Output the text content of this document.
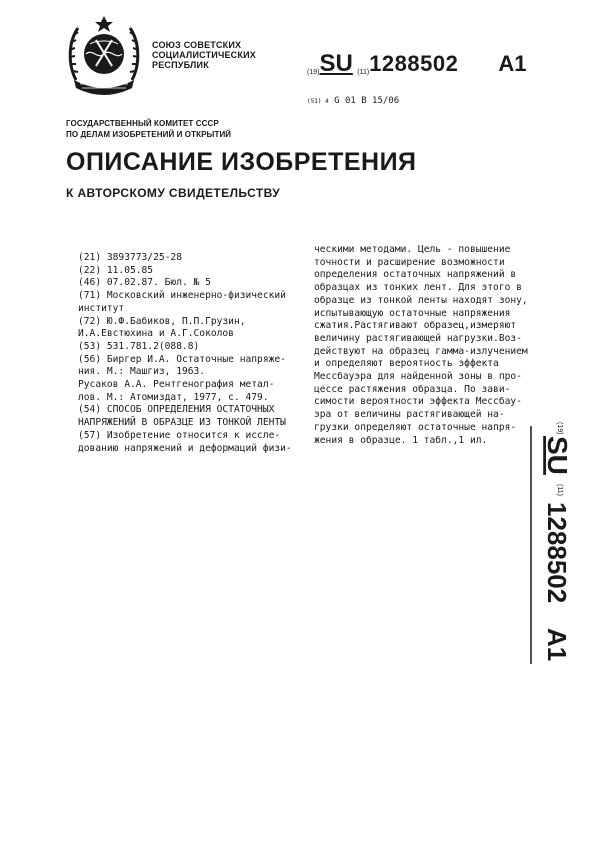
СОЮЗ СОВЕТСКИХ
СОЦИАЛИСТИЧЕСКИХ
РЕСПУБЛИК
(19)SU (11)1288502 A1
(51) 4 G 01 B 15/06
ГОСУДАРСТВЕННЫЙ КОМИТЕТ СССР
ПО ДЕЛАМ ИЗОБРЕТЕНИЙ И ОТКРЫТИЙ
ОПИСАНИЕ ИЗОБРЕТЕНИЯ
К АВТОРСКОМУ СВИДЕТЕЛЬСТВУ
(21) 3893773/25-28
(22) 11.05.85
(46) 07.02.87. Бюл. № 5
(71) Московский инженерно-физический
институт
(72) Ю.Ф.Бабиков, П.П.Грузин,
И.А.Евстюхина и А.Г.Соколов
(53) 531.781.2(088.8)
(56) Биргер И.А. Остаточные напряже-
ния. М.: Машгиз, 1963.
Русаков А.А. Рентгенография метал-
лов. М.: Атомиздат, 1977, с. 479.
(54) СПОСОБ ОПРЕДЕЛЕНИЯ ОСТАТОЧНЫХ
НАПРЯЖЕНИЙ В ОБРАЗЦЕ ИЗ ТОНКОЙ ЛЕНТЫ
(57) Изобретение относится к иссле-
дованию напряжений и деформаций физи-
ческими методами. Цель - повышение
точности и расширение возможности
определения остаточных напряжений в
образцах из тонких лент. Для этого в
образце из тонкой ленты находят зону,
испытывающую остаточные напряжения
сжатия.Растягивают образец,измеряют
величину растягивающей нагрузки.Воз-
действуют на образец гамма-излучением
и определяют вероятность эффекта
Мессбауэра для найденной зоны в про-
цессе растяжения образца. По зави-
симости вероятности эффекта Мессбау-
эра от величины растягивающей на-
грузки определяют остаточные напря-
жения в образце. 1 табл.,1 ил.
(19)
SU
(11)
1288502
A1
